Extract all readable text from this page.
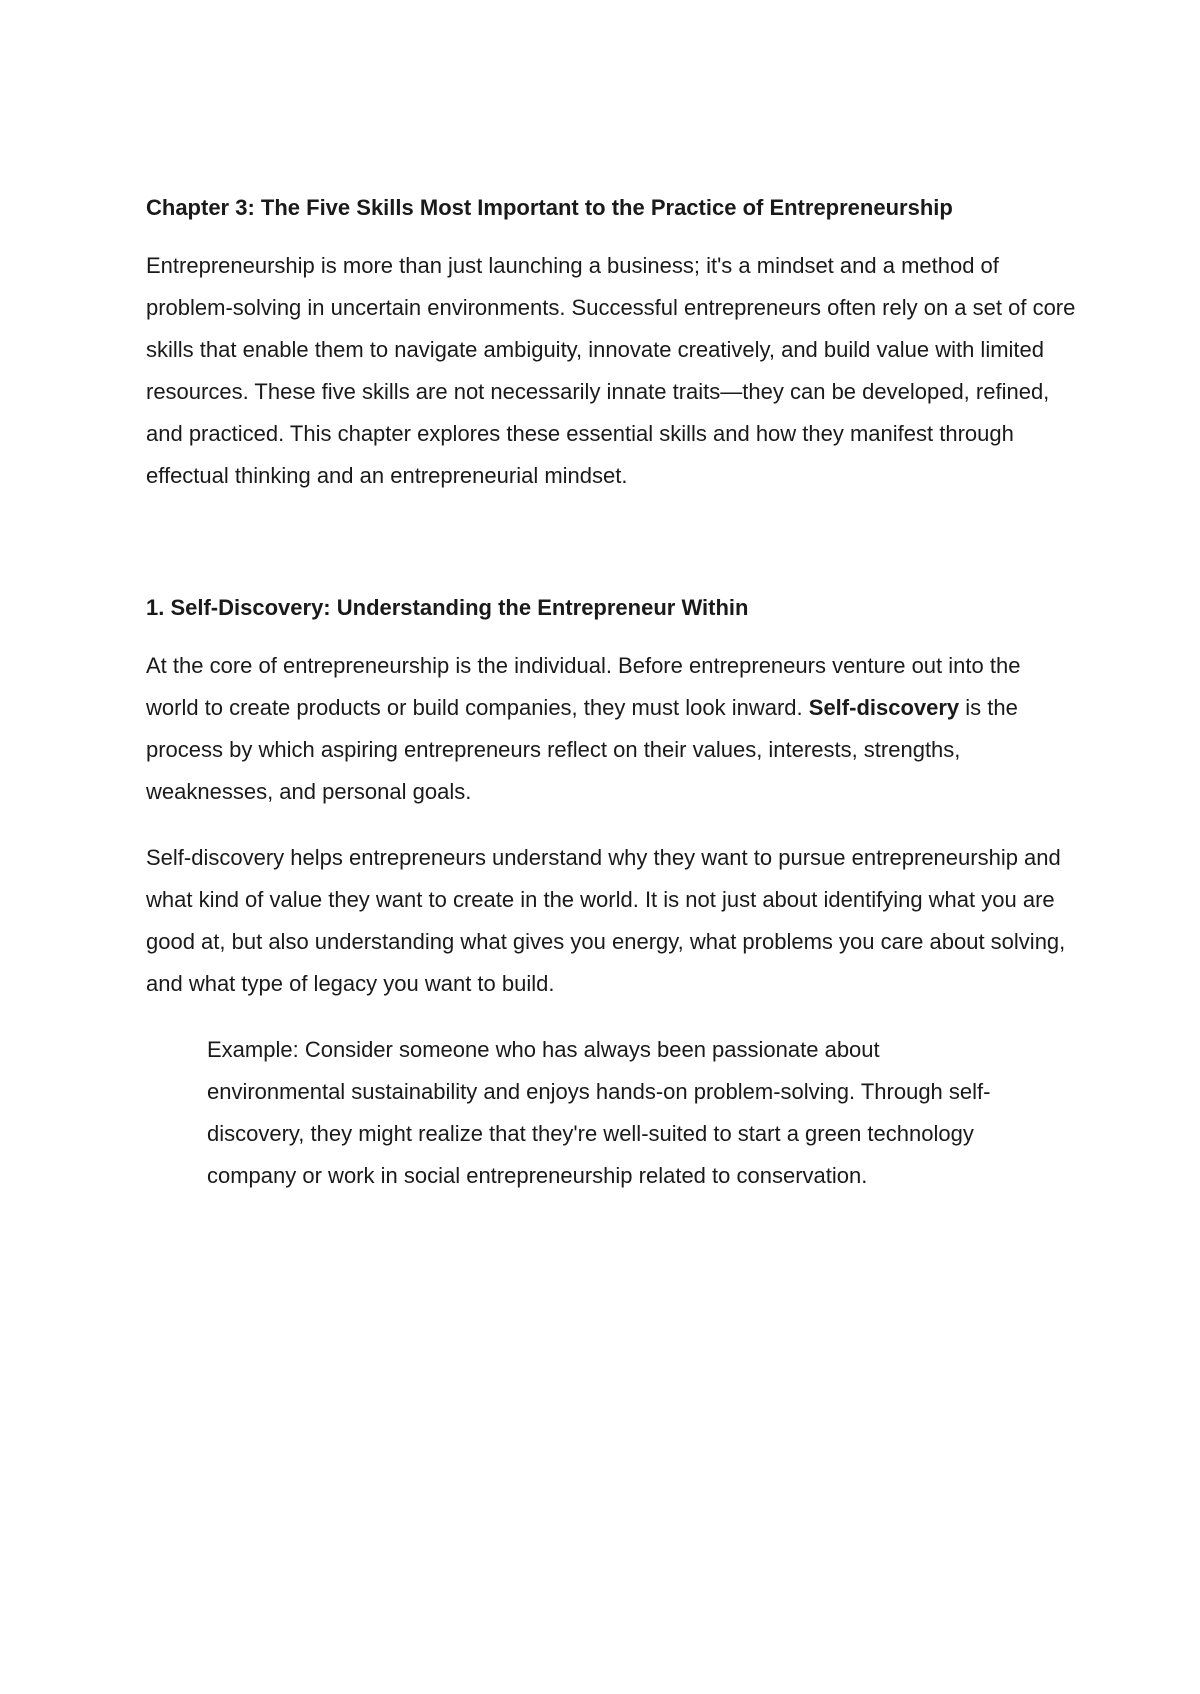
Chapter 3: The Five Skills Most Important to the Practice of Entrepreneurship

Entrepreneurship is more than just launching a business; it's a mindset and a method of problem-solving in uncertain environments. Successful entrepreneurs often rely on a set of core skills that enable them to navigate ambiguity, innovate creatively, and build value with limited resources. These five skills are not necessarily innate traits—they can be developed, refined, and practiced. This chapter explores these essential skills and how they manifest through effectual thinking and an entrepreneurial mindset.

1. Self-Discovery: Understanding the Entrepreneur Within

At the core of entrepreneurship is the individual. Before entrepreneurs venture out into the world to create products or build companies, they must look inward. Self-discovery is the process by which aspiring entrepreneurs reflect on their values, interests, strengths, weaknesses, and personal goals.

Self-discovery helps entrepreneurs understand why they want to pursue entrepreneurship and what kind of value they want to create in the world. It is not just about identifying what you are good at, but also understanding what gives you energy, what problems you care about solving, and what type of legacy you want to build.

Example: Consider someone who has always been passionate about environmental sustainability and enjoys hands-on problem-solving. Through self-discovery, they might realize that they're well-suited to start a green technology company or work in social entrepreneurship related to conservation.
